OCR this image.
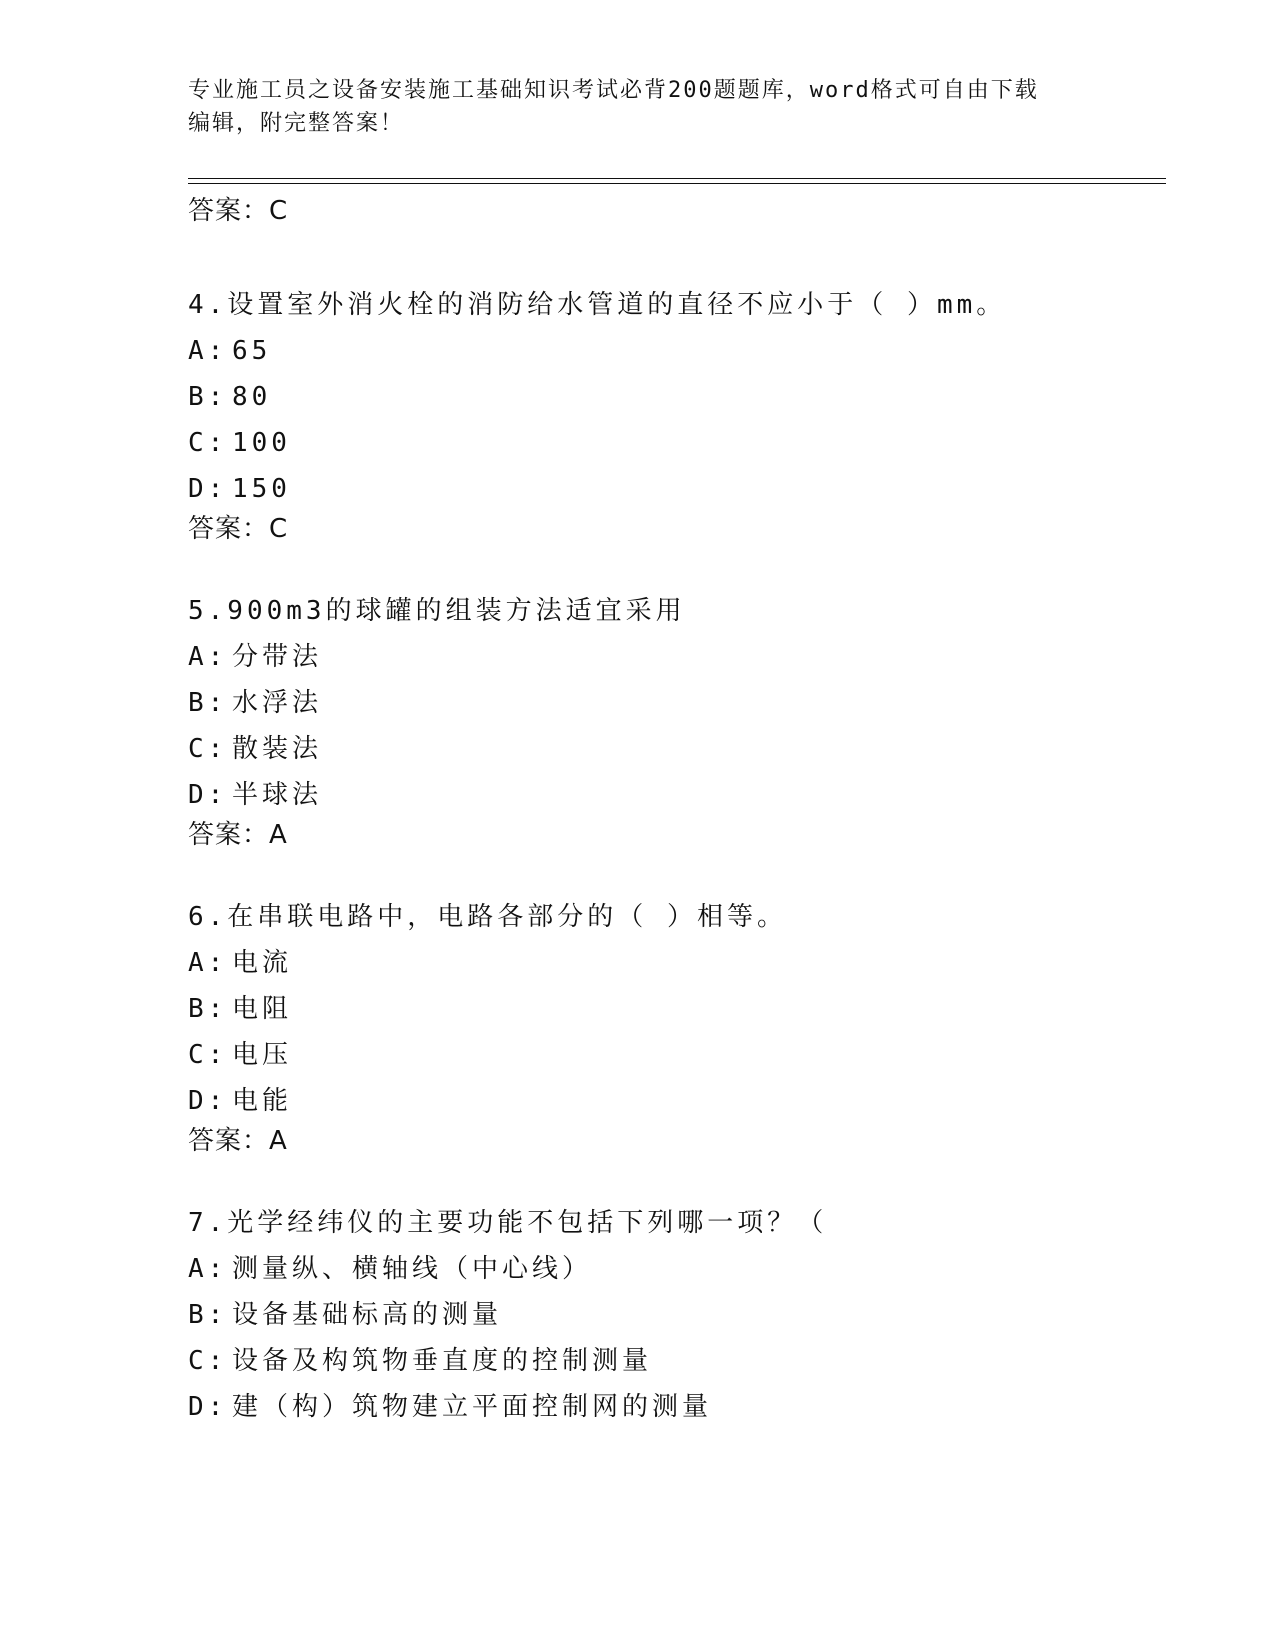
专业施工员之设备安装施工基础知识考试必背200题题库，word格式可自由下载
编辑，附完整答案！
答案：C
4.设置室外消火栓的消防给水管道的直径不应小于（ ）mm。
A: 65
B: 80
C: 100
D: 150
答案：C
5.900m3的球罐的组装方法适宜采用
A: 分带法
B: 水浮法
C: 散装法
D: 半球法
答案：A
6.在串联电路中，电路各部分的（ ）相等。
A: 电流
B: 电阻
C: 电压
D: 电能
答案：A
7.光学经纬仪的主要功能不包括下列哪一项？（
A: 测量纵、横轴线（中心线）
B: 设备基础标高的测量
C: 设备及构筑物垂直度的控制测量
D: 建（构）筑物建立平面控制网的测量
